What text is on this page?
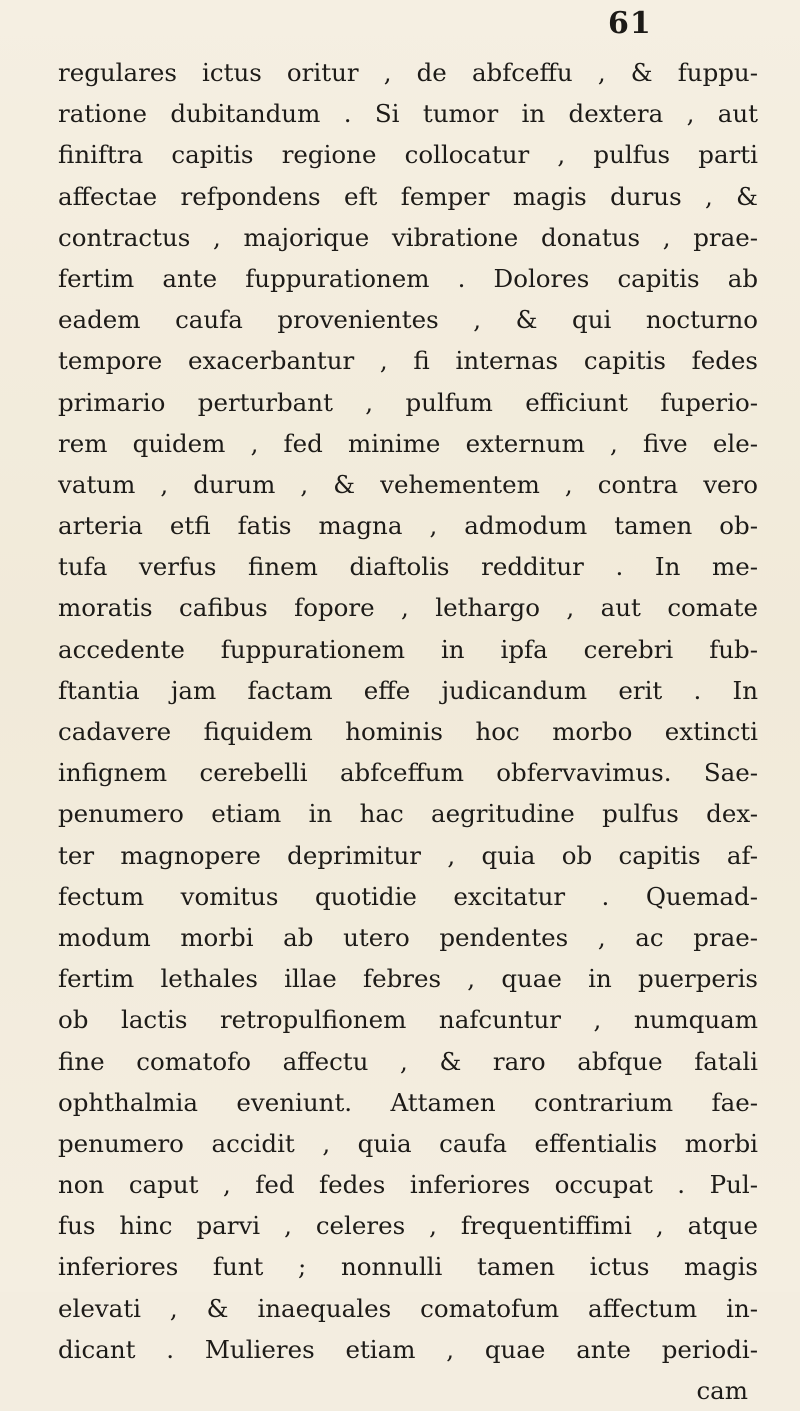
61
regulares ictus oritur , de abfceffu , & fuppu-
ratione dubitandum . Si tumor in dextera , aut
finiftra capitis regione collocatur , pulfus parti
affectae refpondens eft femper magis durus , &
contractus , majorique vibratione donatus , prae-
fertim ante fuppurationem . Dolores capitis ab
eadem caufa provenientes , & qui nocturno
tempore exacerbantur , fi internas capitis fedes
primario perturbant , pulfum efficiunt fuperio-
rem quidem , fed minime externum , five ele-
vatum , durum , & vehementem , contra vero
arteria etfi fatis magna , admodum tamen ob-
tufa verfus finem diaftolis redditur . In me-
moratis cafibus fopore , lethargo , aut comate
accedente fuppurationem in ipfa cerebri fub-
ftantia jam factam effe judicandum erit . In
cadavere fiquidem hominis hoc morbo extincti
infignem cerebelli abfceffum obfervavimus. Sae-
penumero etiam in hac aegritudine pulfus dex-
ter magnopere deprimitur , quia ob capitis af-
fectum vomitus quotidie excitatur . Quemad-
modum morbi ab utero pendentes , ac prae-
fertim lethales illae febres , quae in puerperis
ob lactis retropulfionem nafcuntur , numquam
fine comatofo affectu , & raro abfque fatali
ophthalmia eveniunt. Attamen contrarium fae-
penumero accidit , quia caufa effentialis morbi
non caput , fed fedes inferiores occupat . Pul-
fus hinc parvi , celeres , frequentiffimi , atque
inferiores funt ; nonnulli tamen ictus magis
elevati , & inaequales comatofum affectum in-
dicant . Mulieres etiam , quae ante periodi-
cam
